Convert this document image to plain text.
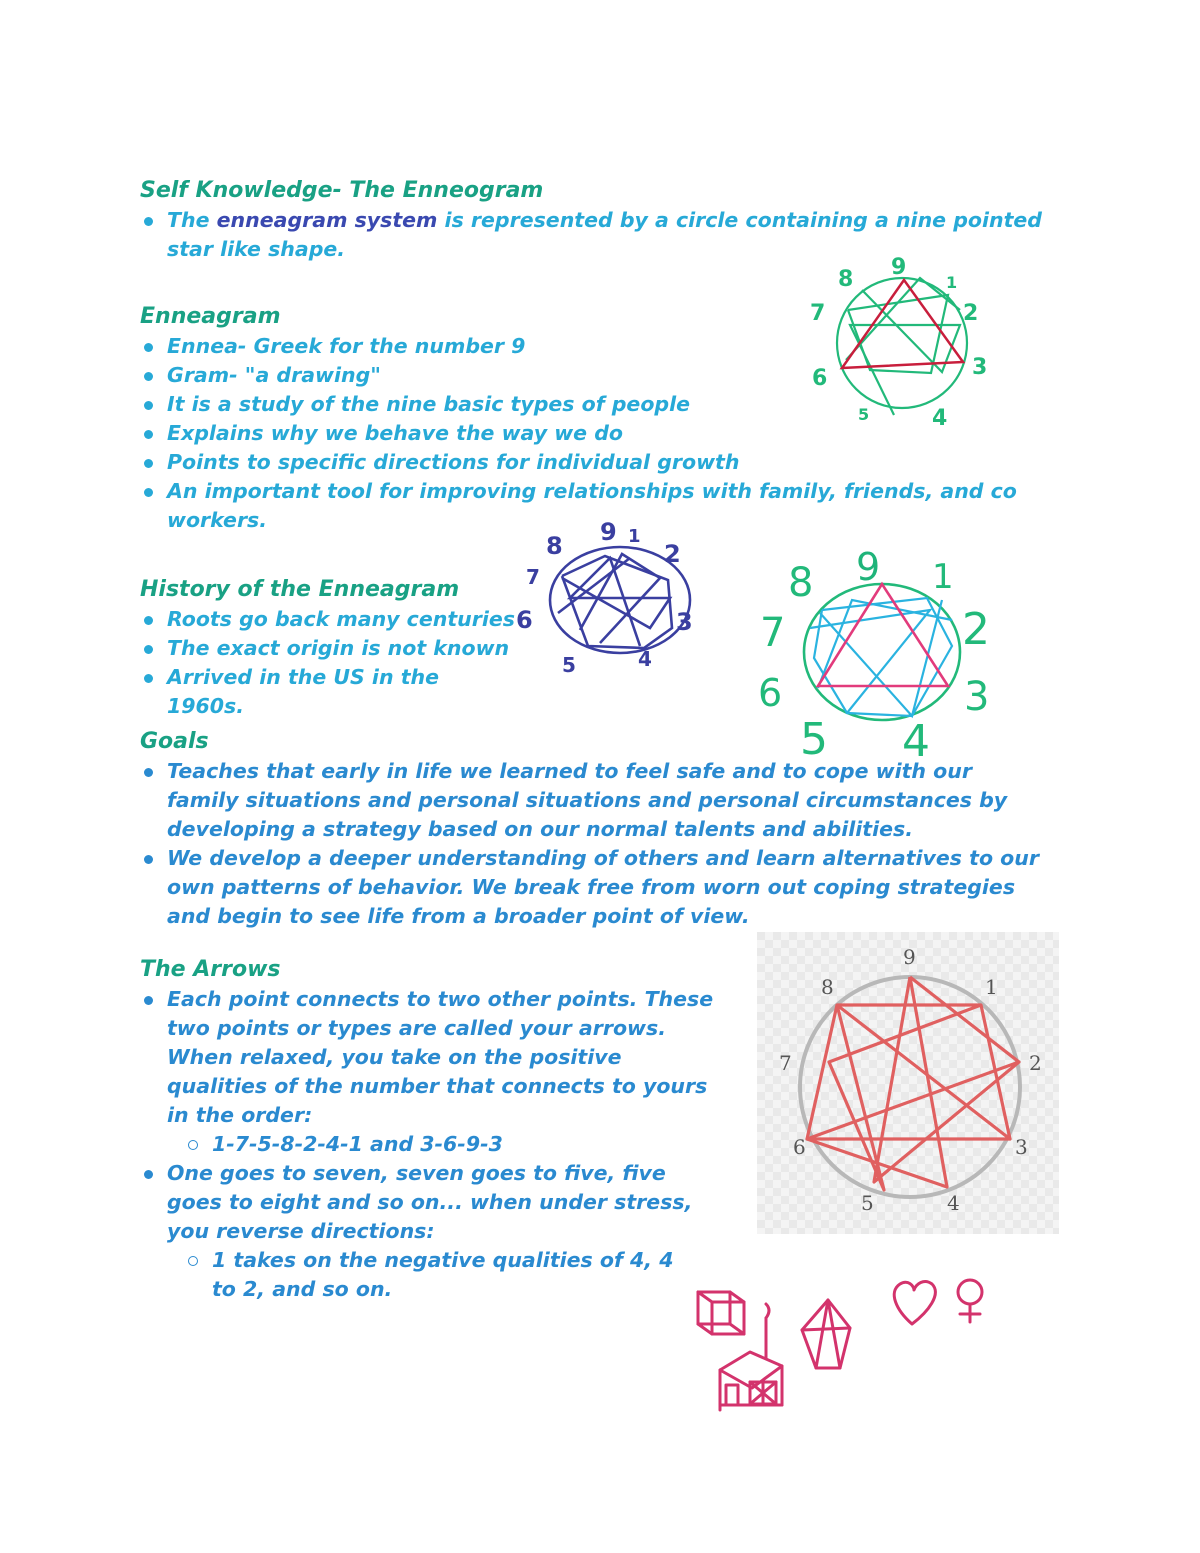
Self Knowledge- The Enneogram
The enneagram system is represented by a circle containing a nine pointed star like shape.
Enneagram
Ennea- Greek for the number 9
Gram- "a drawing"
It is a study of the nine basic types of people
Explains why we behave the way we do
Points to specific directions for individual growth
An important tool for improving relationships with family, friends, and co workers.
History of the Enneagram
Roots go back many centuries
The exact origin is not known
Arrived in the US in the 1960s.
Goals
Teaches that early in life we learned to feel safe and to cope with our family situations and personal situations and personal circumstances by developing a strategy based on our normal talents and abilities.
We develop a deeper understanding of others and learn alternatives to our own patterns of behavior. We break free from worn out coping strategies and begin to see life from a broader point of view.
The Arrows
Each point connects to two other points. These two points or types are called your arrows. When relaxed, you take on the positive qualities of the number that connects to yours in the order:
1-7-5-8-2-4-1 and 3-6-9-3
One goes to seven, seven goes to five, five goes to eight and so on... when under stress, you reverse directions:
1 takes on the negative qualities of 4, 4 to 2, and so on.
9
1
2
3
4
5
6
7
8
8 9 1
2
7
6	3
5	4
9 1
2
3
4
5
6
7
8
9
1
2
3
4
5
6
7
8
